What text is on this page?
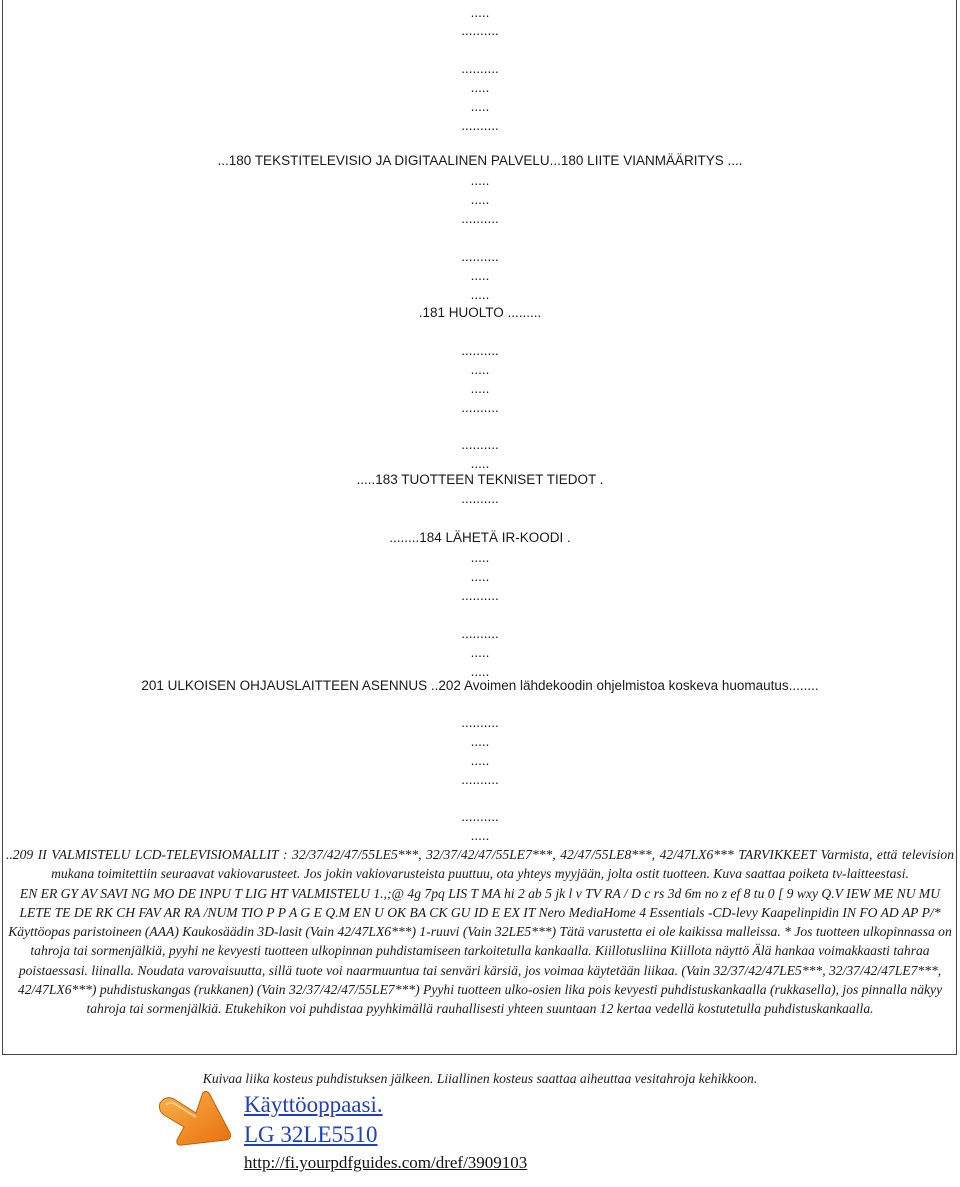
.....
..........
..........
.....
.....
..........
...180 TEKSTITELEVISIO JA DIGITAALINEN PALVELU...180 LIITE VIANMÄÄRITYS ....
.....
.....
..........
..........
.....
.....
.181 HUOLTO .........
..........
.....
.....
..........
..........
.....
.....183 TUOTTEEN TEKNISET TIEDOT .
..........
........184 LÄHETÄ IR-KOODI .
.....
.....
..........
..........
.....
.....
201 ULKOISEN OHJAUSLAITTEEN ASENNUS ..202 Avoimen lähdekoodin ohjelmistoa koskeva huomautus........
..........
.....
.....
..........
..........
.....

..209 II VALMISTELU LCD-TELEVISIOMALLIT : 32/37/42/47/55LE5***, 32/37/42/47/55LE7***, 42/47/55LE8***, 42/47LX6*** TARVIKKEET Varmista, että television mukana toimitettiin seuraavat vakiovarusteet. Jos jokin vakiovarusteista puuttuu, ota yhteys myyjään, jolta ostit tuotteen. Kuva saattaa poiketa tv-laitteestasi.

EN ER GY AV SAVI NG MO DE INPU T LIG HT VALMISTELU 1.,;@ 4g 7pq LIS T MA hi 2 ab 5 jk l v TV RA / D c rs 3d 6m no z ef 8 tu 0 [ 9 wxy Q.V IEW ME NU MU LETE TE DE RK CH FAV AR RA /NUM TIO P P A G E Q.M EN U OK BA CK GU ID E EX IT Nero MediaHome 4 Essentials -CD-levy Kaapelinpidin IN FO AD AP P/* Käyttöopas paristoineen (AAA) Kaukosäädin 3D-lasit (Vain 42/47LX6***) 1-ruuvi (Vain 32LE5***) Tätä varustetta ei ole kaikissa malleissa. * Jos tuotteen ulkopinnassa on tahroja tai sormenjälkiä, pyyhi ne kevyesti tuotteen ulkopinnan puhdistamiseen tarkoitetulla kankaalla. Kiillotusliina Kiillota näyttö Älä hankaa voimakkaasti tahraa poistaessasi. liinalla. Noudata varovaisuutta, sillä tuote voi naarmuuntua tai senväri kärsiä, jos voimaa käytetään liikaa. (Vain 32/37/42/47LE5***, 32/37/42/47LE7***, 42/47LX6***) puhdistuskangas (rukkanen) (Vain 32/37/42/47/55LE7***) Pyyhi tuotteen ulko-osien lika pois kevyesti puhdistuskankaalla (rukkasella), jos pinnalla näkyy tahroja tai sormenjälkiä. Etukehikon voi puhdistaa pyyhkimällä rauhallisesti yhteen suuntaan 12 kertaa vedellä kostutetulla puhdistuskankaalla.

Kuivaa liika kosteus puhdistuksen jälkeen. Liiallinen kosteus saattaa aiheuttaa vesitahroja kehikkoon.
Käyttöoppaasi.
LG 32LE5510
http://fi.yourpdfguides.com/dref/3909103
